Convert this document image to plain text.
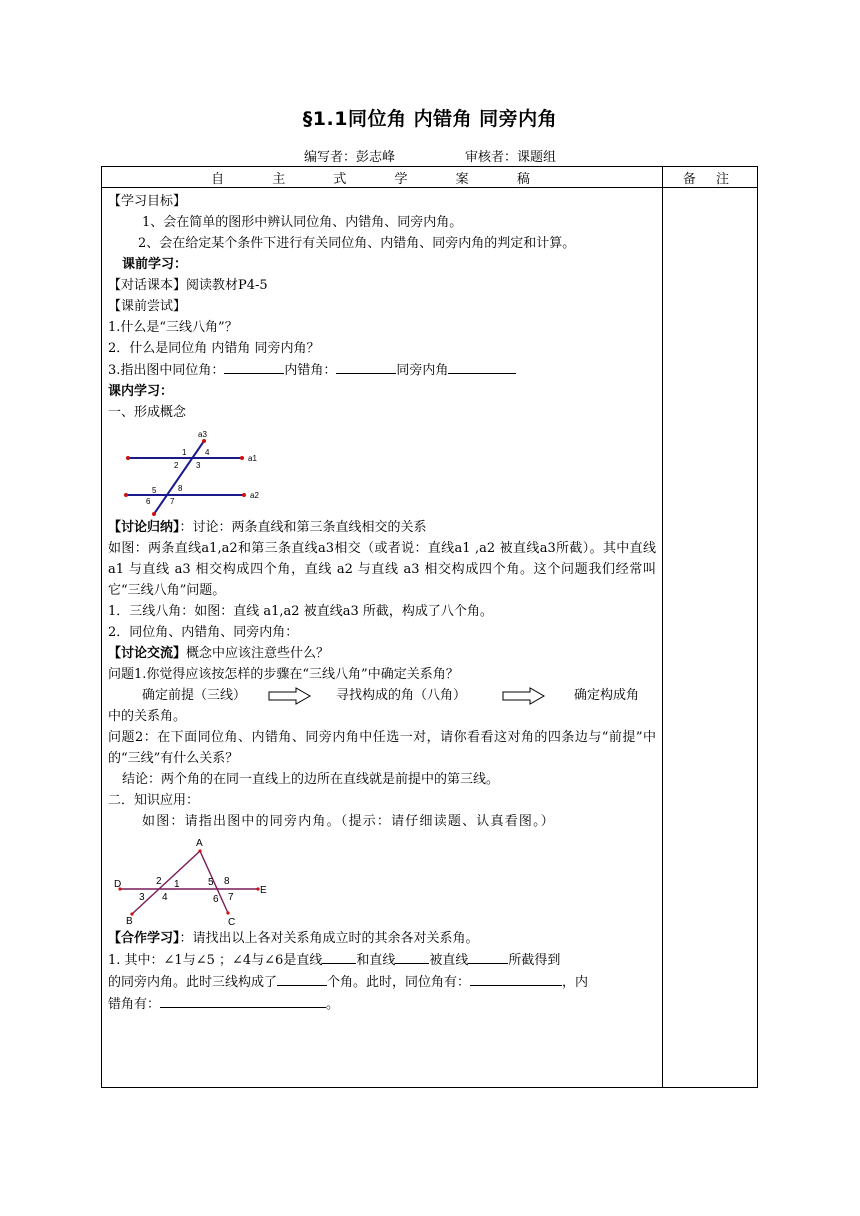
§1.1同位角 内错角 同旁内角
编写者：彭志峰	审核者：课题组
自 主 式 学 案 稿	备 注

【学习目标】

1、会在简单的图形中辨认同位角、内错角、同旁内角。

2、会在给定某个条件下进行有关同位角、内错角、同旁内角的判定和计算。

课前学习：

【对话课本】阅读教材P4-5

【课前尝试】

1.什么是“三线八角”？

2．什么是同位角 内错角 同旁内角？

3.指出图中同位角：	内错角：	同旁内角

课内学习：

一、形成概念

a3
1 4
2 3
a1
5	8
6 7
a2

【讨论归纳】：讨论：两条直线和第三条直线相交的关系

如图：两条直线a1,a2和第三条直线a3相交（或者说：直线a1 ,a2 被直线a3所截）。其中直线 a1 与直线 a3 相交构成四个角，直线 a2 与直线 a3 相交构成四个角。这个问题我们经常叫它“三线八角”问题。

1．三线八角：如图：直线 a1,a2 被直线a3 所截，构成了八个角。

2．同位角、内错角、同旁内角：

【讨论交流】概念中应该注意些什么？

问题1.你觉得应该按怎样的步骤在“三线八角”中确定关系角？

确定前提（三线）	寻找构成的角（八角）	确定构成角

中的关系角。

问题2：在下面同位角、内错角、同旁内角中任选一对，请你看看这对角的四条边与“前提”中的“三线”有什么关系？

结论：两个角的在同一直线上的边所在直线就是前提中的第三线。

二．知识应用：

如图：请指出图中的同旁内角。（提示：请仔细读题、认真看图。）

A
D	2 1	5 8
E
3 4	6 7
B	C

【合作学习】：请找出以上各对关系角成立时的其余各对关系角。

1. 其中：∠1与∠5 ；∠4与∠6是直线	和直线	被直线	所截得到

的同旁内角。此时三线构成了	个角。此时，同位角有：	，内

错角有：	。
